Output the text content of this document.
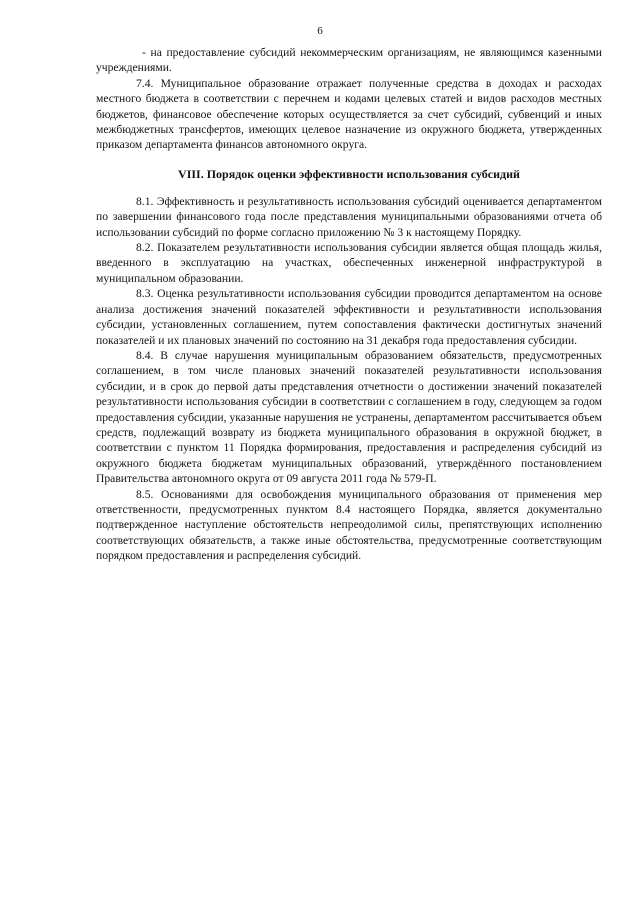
6

- на предоставление субсидий некоммерческим организациям, не являющимся казенными учреждениями.

7.4. Муниципальное образование отражает полученные средства в доходах и расходах местного бюджета в соответствии с перечнем и кодами целевых статей и видов расходов местных бюджетов, финансовое обеспечение которых осуществляется за счет субсидий, субвенций и иных межбюджетных трансфертов, имеющих целевое назначение из окружного бюджета, утвержденных приказом департамента финансов автономного округа.

VIII. Порядок оценки эффективности использования субсидий

8.1. Эффективность и результативность использования субсидий оценивается департаментом по завершении финансового года после представления муниципальными образованиями отчета об использовании субсидий по форме согласно приложению № 3 к настоящему Порядку.

8.2. Показателем результативности использования субсидии является общая площадь жилья, введенного в эксплуатацию на участках, обеспеченных инженерной инфраструктурой в муниципальном образовании.

8.3. Оценка результативности использования субсидии проводится департаментом на основе анализа достижения значений показателей эффективности и результативности использования субсидии, установленных соглашением, путем сопоставления фактически достигнутых значений показателей и их плановых значений по состоянию на 31 декабря года предоставления субсидии.

8.4. В случае нарушения муниципальным образованием обязательств, предусмотренных соглашением, в том числе плановых значений показателей результативности использования субсидии, и в срок до первой даты представления отчетности о достижении значений показателей результативности использования субсидии в соответствии с соглашением в году, следующем за годом предоставления субсидии, указанные нарушения не устранены, департаментом рассчитывается объем средств, подлежащий возврату из бюджета муниципального образования в окружной бюджет, в соответствии с пунктом 11 Порядка формирования, предоставления и распределения субсидий из окружного бюджета бюджетам муниципальных образований, утверждённого постановлением Правительства автономного округа от 09 августа 2011 года № 579-П.

8.5. Основаниями для освобождения муниципального образования от применения мер ответственности, предусмотренных пунктом 8.4 настоящего Порядка, является документально подтвержденное наступление обстоятельств непреодолимой силы, препятствующих исполнению соответствующих обязательств, а также иные обстоятельства, предусмотренные соответствующим порядком предоставления и распределения субсидий.
